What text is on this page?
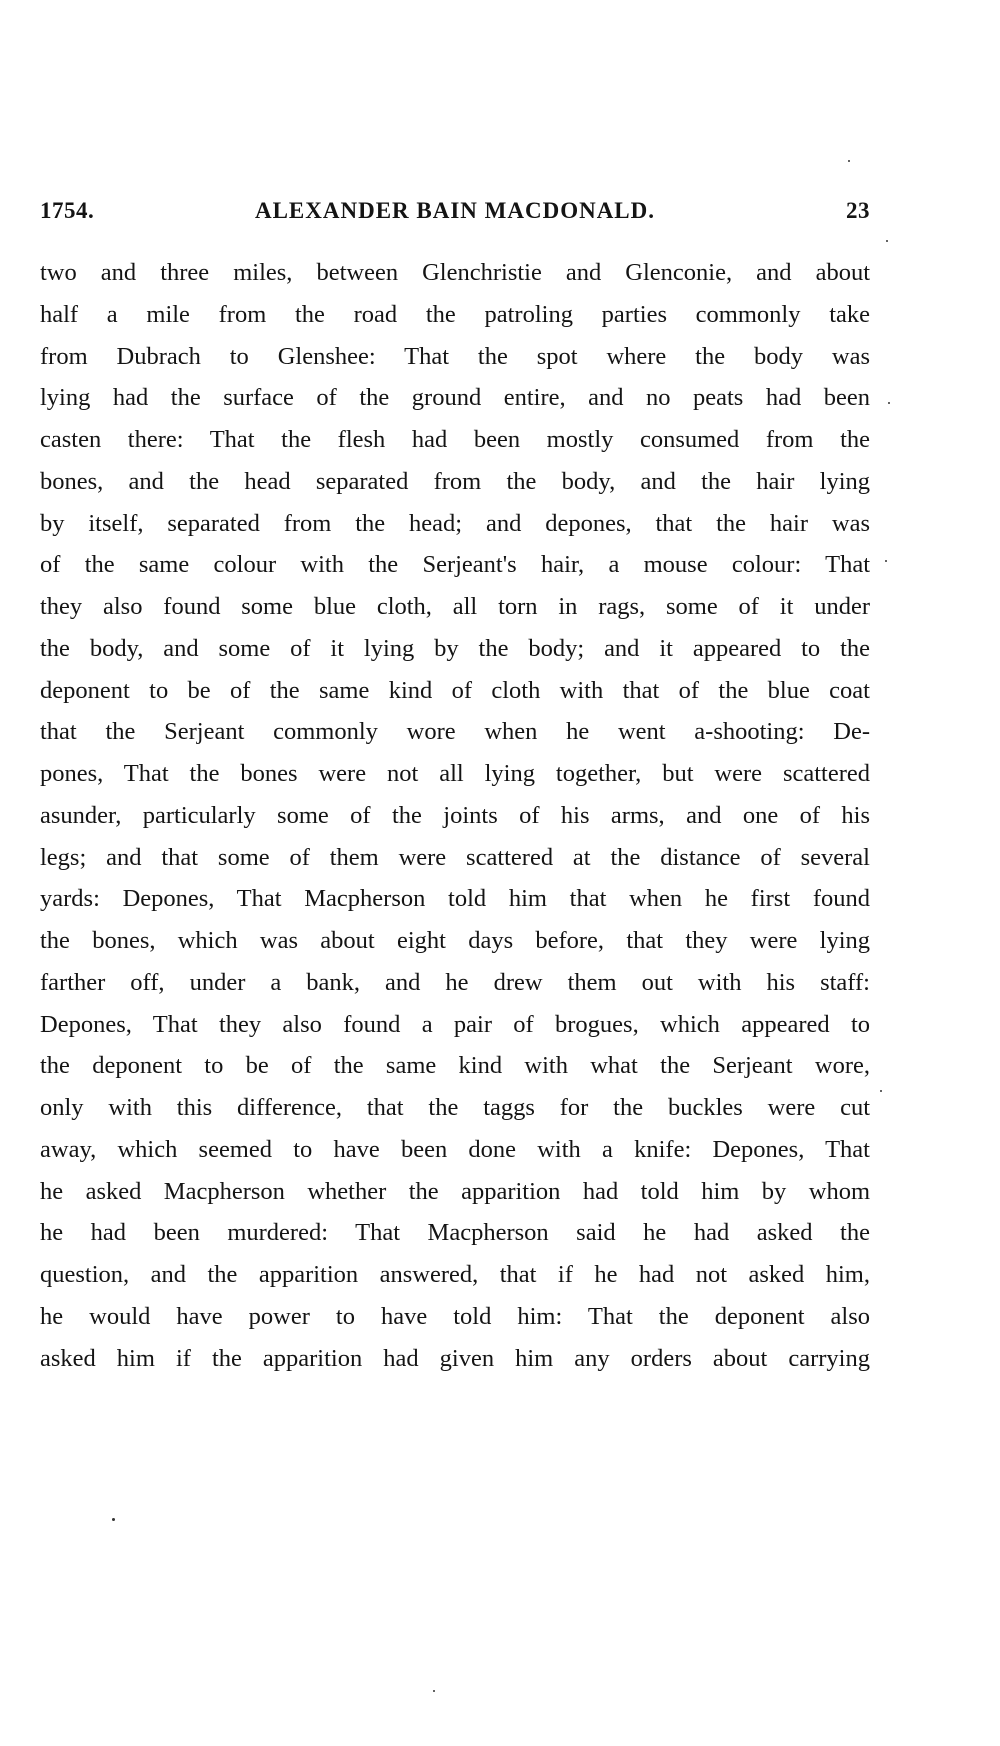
1754.	ALEXANDER BAIN MACDONALD.	23
two and three miles, between Glenchristie and Glenconie, and about
half a mile from the road the patroling parties commonly take
from Dubrach to Glenshee: That the spot where the body was
lying had the surface of the ground entire, and no peats had been
casten there: That the flesh had been mostly consumed from the
bones, and the head separated from the body, and the hair lying
by itself, separated from the head; and depones, that the hair was
of the same colour with the Serjeant's hair, a mouse colour: That
they also found some blue cloth, all torn in rags, some of it under
the body, and some of it lying by the body; and it appeared to the
deponent to be of the same kind of cloth with that of the blue coat
that the Serjeant commonly wore when he went a-shooting: De-
pones, That the bones were not all lying together, but were scattered
asunder, particularly some of the joints of his arms, and one of his
legs; and that some of them were scattered at the distance of several
yards: Depones, That Macpherson told him that when he first found
the bones, which was about eight days before, that they were lying
farther off, under a bank, and he drew them out with his staff:
Depones, That they also found a pair of brogues, which appeared to
the deponent to be of the same kind with what the Serjeant wore,
only with this difference, that the taggs for the buckles were cut
away, which seemed to have been done with a knife: Depones, That
he asked Macpherson whether the apparition had told him by whom
he had been murdered: That Macpherson said he had asked the
question, and the apparition answered, that if he had not asked him,
he would have power to have told him: That the deponent also
asked him if the apparition had given him any orders about carrying
